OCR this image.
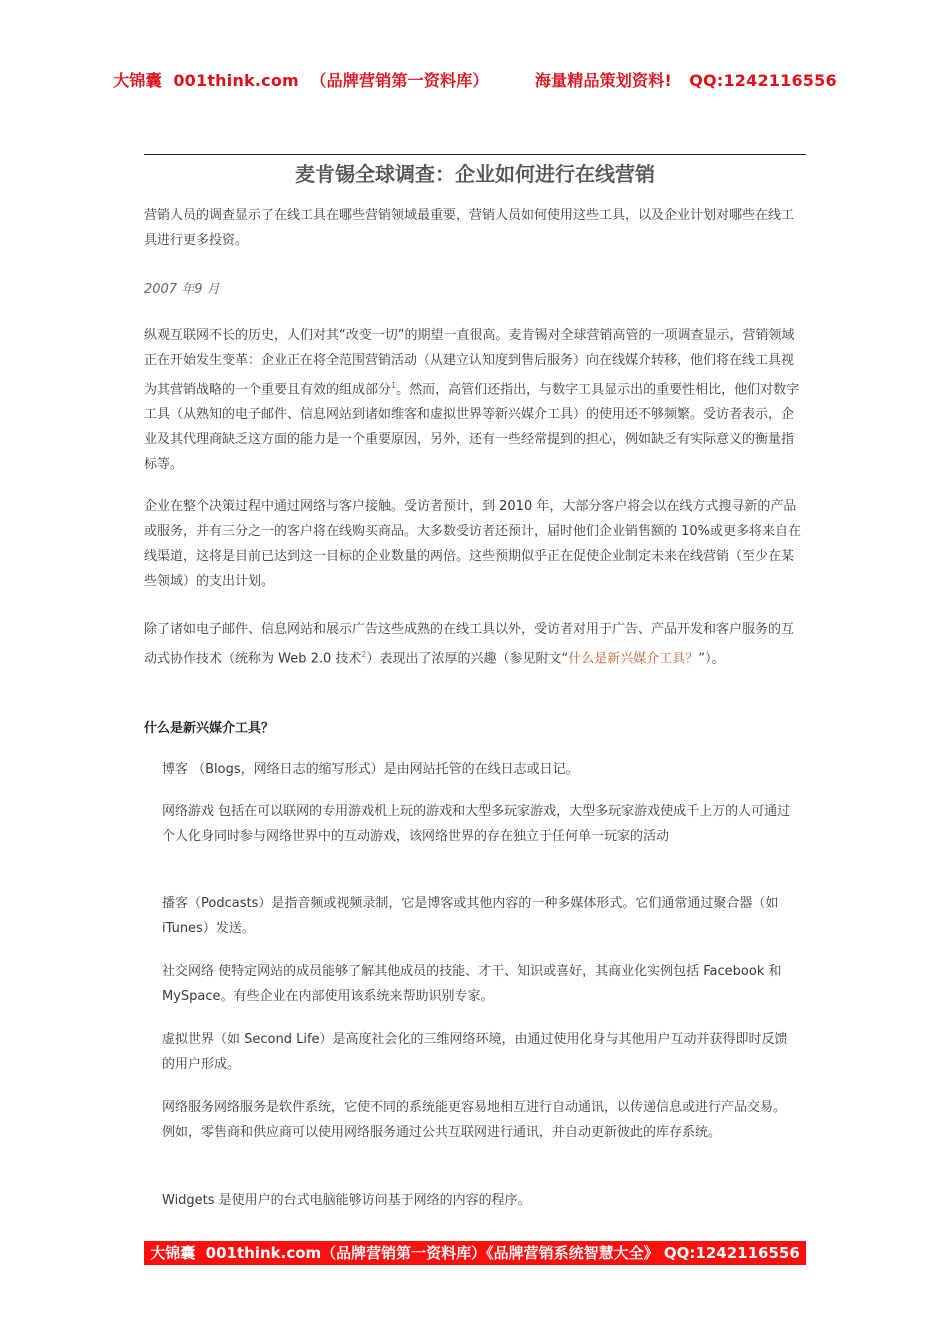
大锦囊  001think.com  （品牌营销第一资料库）	海量精品策划资料!   QQ:1242116556
麦肯锡全球调查：企业如何进行在线营销

营销人员的调查显示了在线工具在哪些营销领域最重要，营销人员如何使用这些工具，以及企业计划对哪些在线工具进行更多投资。

2007 年9 月

纵观互联网不长的历史，人们对其“改变一切”的期望一直很高。麦肯锡对全球营销高管的一项调查显示，营销领域正在开始发生变革：企业正在将全范围营销活动（从建立认知度到售后服务）向在线媒介转移，他们将在线工具视为其营销战略的一个重要且有效的组成部分$^1$。然而，高管们还指出，与数字工具显示出的重要性相比，他们对数字工具（从熟知的电子邮件、信息网站到诸如维客和虚拟世界等新兴媒介工具）的使用还不够频繁。受访者表示，企业及其代理商缺乏这方面的能力是一个重要原因，另外，还有一些经常提到的担心，例如缺乏有实际意义的衡量指标等。

企业在整个决策过程中通过网络与客户接触。受访者预计，到 2010 年，大部分客户将会以在线方式搜寻新的产品或服务，并有三分之一的客户将在线购买商品。大多数受访者还预计，届时他们企业销售额的 10%或更多将来自在线渠道，这将是目前已达到这一目标的企业数量的两倍。这些预期似乎正在促使企业制定未来在线营销（至少在某些领域）的支出计划。

除了诸如电子邮件、信息网站和展示广告这些成熟的在线工具以外，受访者对用于广告、产品开发和客户服务的互动式协作技术（统称为 Web 2.0 技术$^2$）表现出了浓厚的兴趣（参见附文“什么是新兴媒介工具？”）。

什么是新兴媒介工具？

博客 （Blogs，网络日志的缩写形式）是由网站托管的在线日志或日记。

网络游戏 包括在可以联网的专用游戏机上玩的游戏和大型多玩家游戏，大型多玩家游戏使成千上万的人可通过个人化身同时参与网络世界中的互动游戏，该网络世界的存在独立于任何单一玩家的活动

播客（Podcasts）是指音频或视频录制，它是博客或其他内容的一种多媒体形式。它们通常通过聚合器（如 iTunes）发送。

社交网络 使特定网站的成员能够了解其他成员的技能、才干、知识或喜好，其商业化实例包括 Facebook 和 MySpace。有些企业在内部使用该系统来帮助识别专家。

虚拟世界（如 Second Life）是高度社会化的三维网络环境，由通过使用化身与其他用户互动并获得即时反馈的用户形成。

网络服务网络服务是软件系统，它使不同的系统能更容易地相互进行自动通讯，以传递信息或进行产品交易。例如，零售商和供应商可以使用网络服务通过公共互联网进行通讯，并自动更新彼此的库存系统。

Widgets 是使用户的台式电脑能够访问基于网络的内容的程序。

大锦囊  001think.com（品牌营销第一资料库）《品牌营销系统智慧大全》 QQ:1242116556
